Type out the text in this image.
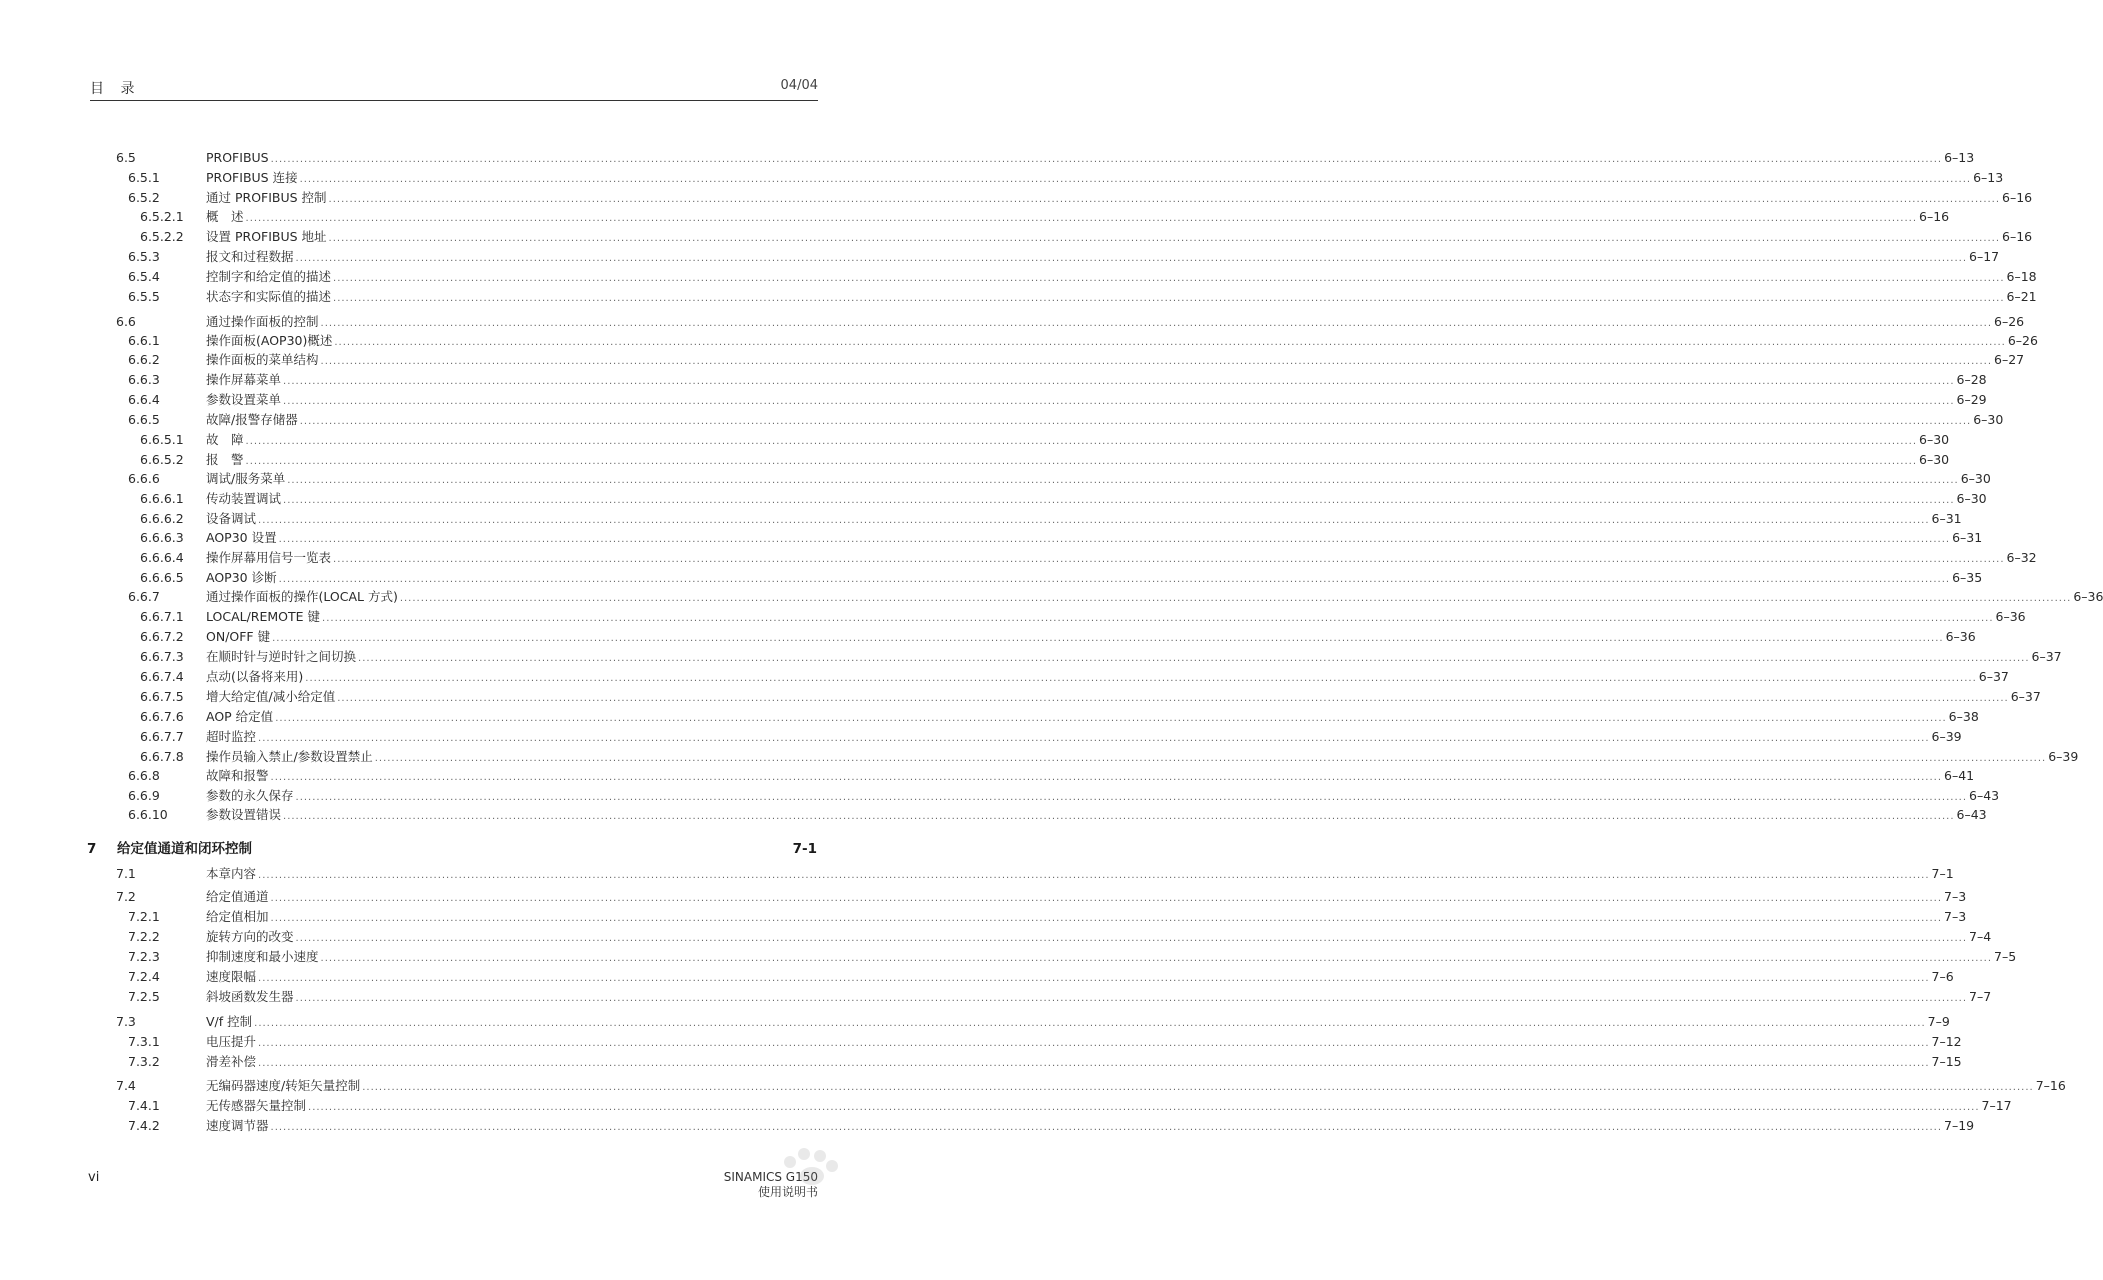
目 录	04/04
6.5	PROFIBUS ................................................................................................................................................................................................................................................................................................................................................................................................................ 6–13
6.5.1	PROFIBUS 连接 ................................................................................................................................................................................................................................................................................................................................................................................................................ 6–13
6.5.2	通过 PROFIBUS 控制 ................................................................................................................................................................................................................................................................................................................................................................................................................ 6–16
6.5.2.1 概　述 ................................................................................................................................................................................................................................................................................................................................................................................................................ 6–16
6.5.2.2 设置 PROFIBUS 地址 ................................................................................................................................................................................................................................................................................................................................................................................................................ 6–16
6.5.3	报文和过程数据 ................................................................................................................................................................................................................................................................................................................................................................................................................ 6–17
6.5.4	控制字和给定值的描述 ................................................................................................................................................................................................................................................................................................................................................................................................................ 6–18
6.5.5	状态字和实际值的描述 ................................................................................................................................................................................................................................................................................................................................................................................................................ 6–21
6.6	通过操作面板的控制 ................................................................................................................................................................................................................................................................................................................................................................................................................ 6–26
6.6.1	操作面板(AOP30)概述 ................................................................................................................................................................................................................................................................................................................................................................................................................ 6–26
6.6.2	操作面板的菜单结构 ................................................................................................................................................................................................................................................................................................................................................................................................................ 6–27
6.6.3	操作屏幕菜单 ................................................................................................................................................................................................................................................................................................................................................................................................................ 6–28
6.6.4	参数设置菜单 ................................................................................................................................................................................................................................................................................................................................................................................................................ 6–29
6.6.5	故障/报警存储器 ................................................................................................................................................................................................................................................................................................................................................................................................................ 6–30
6.6.5.1 故　障 ................................................................................................................................................................................................................................................................................................................................................................................................................ 6–30
6.6.5.2 报　警 ................................................................................................................................................................................................................................................................................................................................................................................................................ 6–30
6.6.6	调试/服务菜单 ................................................................................................................................................................................................................................................................................................................................................................................................................ 6–30
6.6.6.1 传动装置调试 ................................................................................................................................................................................................................................................................................................................................................................................................................ 6–30
6.6.6.2 设备调试 ................................................................................................................................................................................................................................................................................................................................................................................................................ 6–31
6.6.6.3 AOP30 设置 ................................................................................................................................................................................................................................................................................................................................................................................................................ 6–31
6.6.6.4 操作屏幕用信号一览表 ................................................................................................................................................................................................................................................................................................................................................................................................................ 6–32
6.6.6.5 AOP30 诊断 ................................................................................................................................................................................................................................................................................................................................................................................................................ 6–35
6.6.7	通过操作面板的操作(LOCAL 方式) ................................................................................................................................................................................................................................................................................................................................................................................................................ 6–36
6.6.7.1 LOCAL/REMOTE 键 ................................................................................................................................................................................................................................................................................................................................................................................................................ 6–36
6.6.7.2 ON/OFF 键 ................................................................................................................................................................................................................................................................................................................................................................................................................ 6–36
6.6.7.3 在顺时针与逆时针之间切换 ................................................................................................................................................................................................................................................................................................................................................................................................................ 6–37
6.6.7.4 点动(以备将来用) ................................................................................................................................................................................................................................................................................................................................................................................................................ 6–37
6.6.7.5 增大给定值/减小给定值 ................................................................................................................................................................................................................................................................................................................................................................................................................ 6–37
6.6.7.6 AOP 给定值 ................................................................................................................................................................................................................................................................................................................................................................................................................ 6–38
6.6.7.7 超时监控 ................................................................................................................................................................................................................................................................................................................................................................................................................ 6–39
6.6.7.8 操作员输入禁止/参数设置禁止 ................................................................................................................................................................................................................................................................................................................................................................................................................ 6–39
6.6.8	故障和报警 ................................................................................................................................................................................................................................................................................................................................................................................................................ 6–41
6.6.9	参数的永久保存 ................................................................................................................................................................................................................................................................................................................................................................................................................ 6–43
6.6.10	参数设置错误 ................................................................................................................................................................................................................................................................................................................................................................................................................ 6–43
7 给定值通道和闭环控制	7-1
7.1	本章内容 ................................................................................................................................................................................................................................................................................................................................................................................................................ 7–1
7.2	给定值通道 ................................................................................................................................................................................................................................................................................................................................................................................................................ 7–3
7.2.1	给定值相加 ................................................................................................................................................................................................................................................................................................................................................................................................................ 7–3
7.2.2	旋转方向的改变 ................................................................................................................................................................................................................................................................................................................................................................................................................ 7–4
7.2.3	抑制速度和最小速度 ................................................................................................................................................................................................................................................................................................................................................................................................................ 7–5
7.2.4	速度限幅 ................................................................................................................................................................................................................................................................................................................................................................................................................ 7–6
7.2.5	斜坡函数发生器 ................................................................................................................................................................................................................................................................................................................................................................................................................ 7–7
7.3	V/f 控制 ................................................................................................................................................................................................................................................................................................................................................................................................................ 7–9
7.3.1	电压提升 ................................................................................................................................................................................................................................................................................................................................................................................................................ 7–12
7.3.2	滑差补偿 ................................................................................................................................................................................................................................................................................................................................................................................................................ 7–15
7.4	无编码器速度/转矩矢量控制 ................................................................................................................................................................................................................................................................................................................................................................................................................ 7–16
7.4.1	无传感器矢量控制 ................................................................................................................................................................................................................................................................................................................................................................................................................ 7–17
7.4.2	速度调节器 ................................................................................................................................................................................................................................................................................................................................................................................................................ 7–19
vi	SINAMICS G150
使用说明书
